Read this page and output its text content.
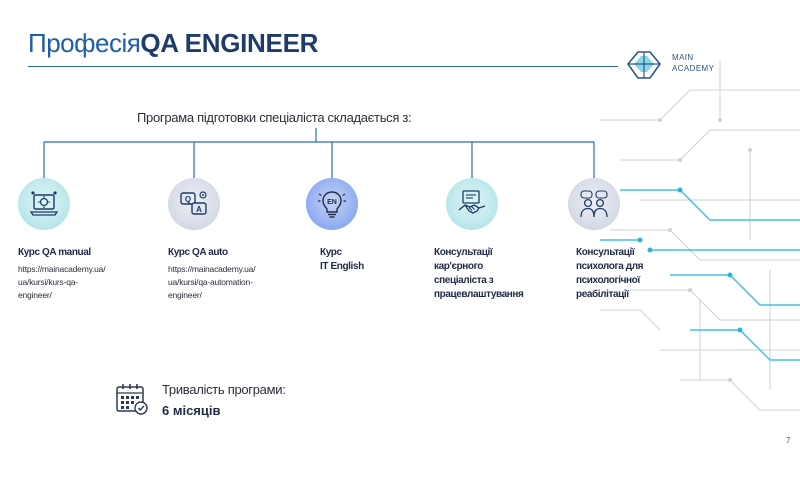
ПрофесіяQA ENGINEER	MAIN
ACADEMY
Програма підготовки спеціаліста складається з:
Курс QA manual
https://mainacademy.ua/
ua/kursi/kurs-qa-
engineer/
Q
A
Курс QA auto
https://mainacademy.ua/
ua/kursi/qa-automation-
engineer/
EN
Курс
IT English
Консультації
кар'єрного
спеціаліста з
працевлаштування
Консультації
психолога для
психологічної
реабілітації
Тривалість програми:
6 місяців
7
